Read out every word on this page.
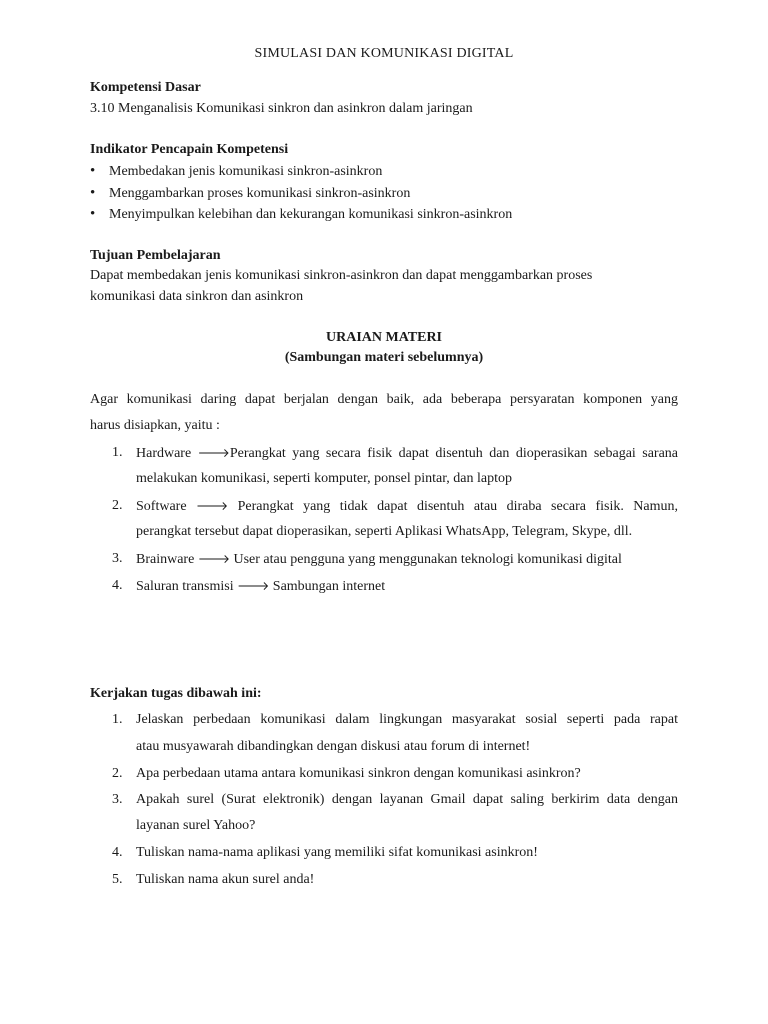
SIMULASI DAN KOMUNIKASI DIGITAL
Kompetensi Dasar
3.10 Menganalisis Komunikasi sinkron dan asinkron dalam jaringan
Indikator Pencapain Kompetensi
• Membedakan jenis komunikasi sinkron-asinkron
• Menggambarkan proses komunikasi sinkron-asinkron
• Menyimpulkan kelebihan dan kekurangan komunikasi sinkron-asinkron
Tujuan Pembelajaran
Dapat membedakan jenis komunikasi sinkron-asinkron dan dapat menggambarkan proses
komunikasi data sinkron dan asinkron
URAIAN MATERI
(Sambungan materi sebelumnya)
Agar komunikasi daring dapat berjalan dengan baik, ada beberapa persyaratan komponen yang
harus disiapkan, yaitu :
1. Hardware 🡒Perangkat yang secara fisik dapat disentuh dan dioperasikan sebagai sarana
melakukan komunikasi, seperti komputer, ponsel pintar, dan laptop
2. Software 🡒 Perangkat yang tidak dapat disentuh atau diraba secara fisik. Namun,
perangkat tersebut dapat dioperasikan, seperti Aplikasi WhatsApp, Telegram, Skype, dll.
3. Brainware 🡒 User atau pengguna yang menggunakan teknologi komunikasi digital
4. Saluran transmisi 🡒 Sambungan internet
Kerjakan tugas dibawah ini:
1. Jelaskan perbedaan komunikasi dalam lingkungan masyarakat sosial seperti pada rapat
atau musyawarah dibandingkan dengan diskusi atau forum di internet!
2. Apa perbedaan utama antara komunikasi sinkron dengan komunikasi asinkron?
3. Apakah surel (Surat elektronik) dengan layanan Gmail dapat saling berkirim data dengan
layanan surel Yahoo?
4. Tuliskan nama-nama aplikasi yang memiliki sifat komunikasi asinkron!
5. Tuliskan nama akun surel anda!
